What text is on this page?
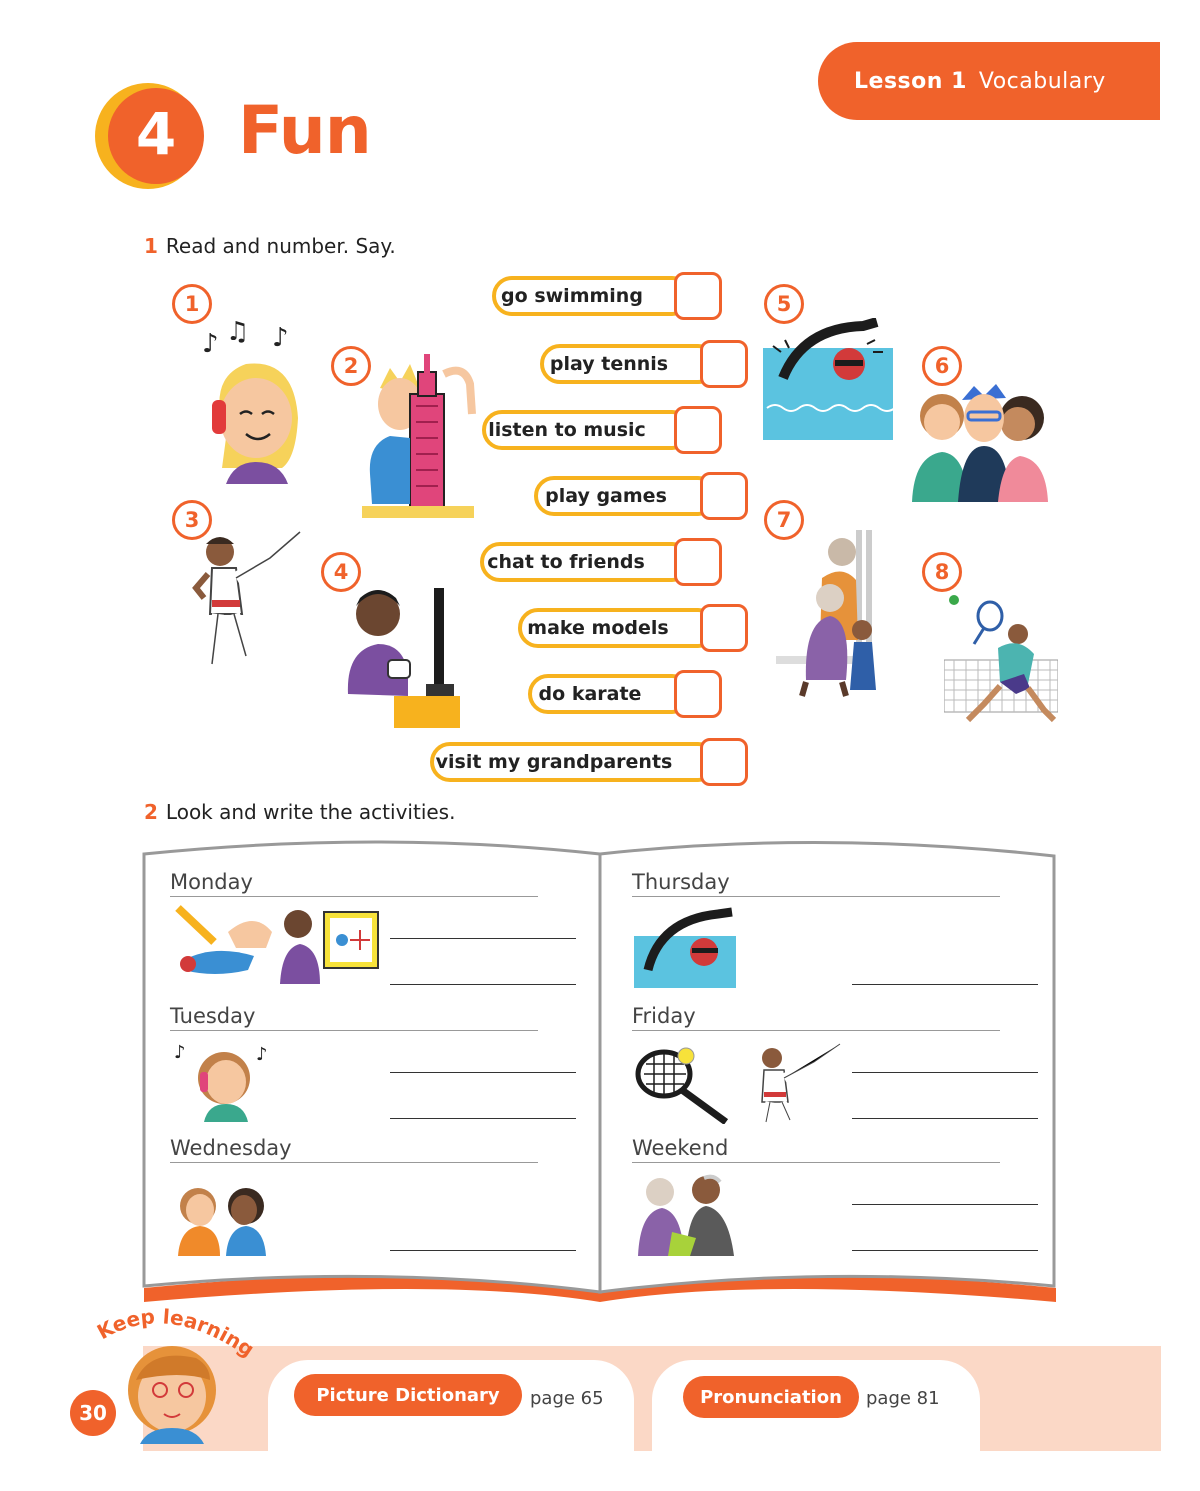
Lesson 1 Vocabulary
4 Fun
1 Read and number. Say.
1
2
3
4
5
6
7
8
♪ ♫ ♪
go swimming
play tennis
listen to music
play games
chat to friends
make models
do karate
visit my grandparents
2 Look and write the activities.
Monday
Tuesday
Wednesday
Thursday
Friday
Weekend
♪	♪
eep learning
30
Picture Dictionary	page 65	Pronunciation	page 81
